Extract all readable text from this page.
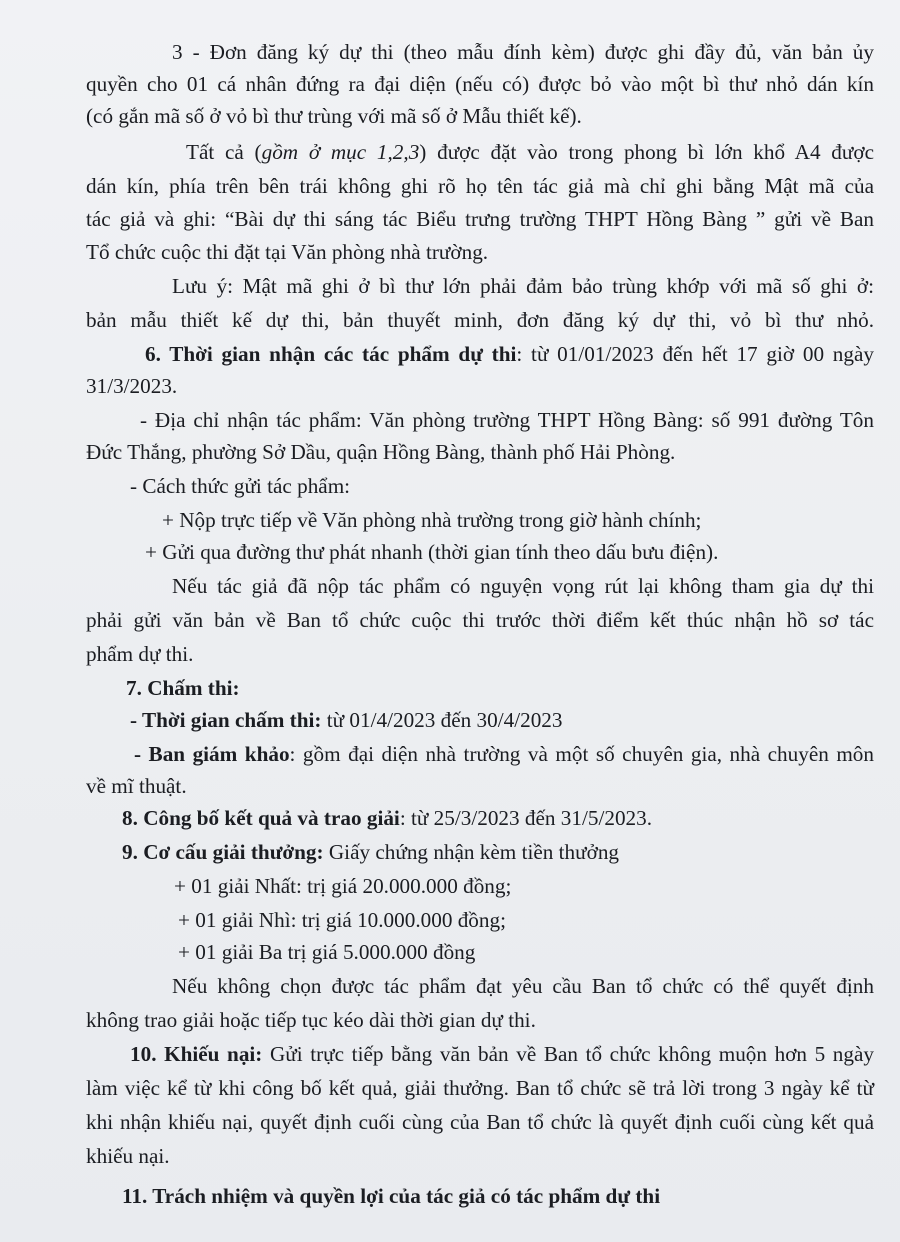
3 - Đơn đăng ký dự thi (theo mẫu đính kèm) được ghi đầy đủ, văn bản ủy
quyền cho 01 cá nhân đứng ra đại diện (nếu có) được bỏ vào một bì thư nhỏ dán kín
(có gắn mã số ở vỏ bì thư trùng với mã số ở Mẫu thiết kế).
Tất cả (gồm ở mục 1,2,3) được đặt vào trong phong bì lớn khổ A4 được
dán kín, phía trên bên trái không ghi rõ họ tên tác giả mà chỉ ghi bằng Mật mã của
tác giả và ghi: “Bài dự thi sáng tác Biểu trưng trường THPT Hồng Bàng ” gửi về Ban
Tổ chức cuộc thi đặt tại Văn phòng nhà trường.
Lưu ý: Mật mã ghi ở bì thư lớn phải đảm bảo trùng khớp với mã số ghi ở:
bản mẫu thiết kế dự thi, bản thuyết minh, đơn đăng ký dự thi, vỏ bì thư nhỏ.
6. Thời gian nhận các tác phẩm dự thi: từ 01/01/2023 đến hết 17 giờ 00 ngày
31/3/2023.
- Địa chỉ nhận tác phẩm: Văn phòng trường THPT Hồng Bàng: số 991 đường Tôn
Đức Thắng, phường Sở Dầu, quận Hồng Bàng, thành phố Hải Phòng.
- Cách thức gửi tác phẩm:
+ Nộp trực tiếp về Văn phòng nhà trường trong giờ hành chính;
+ Gửi qua đường thư phát nhanh (thời gian tính theo dấu bưu điện).
Nếu tác giả đã nộp tác phẩm có nguyện vọng rút lại không tham gia dự thi
phải gửi văn bản về Ban tổ chức cuộc thi trước thời điểm kết thúc nhận hồ sơ tác
phẩm dự thi.
7. Chấm thi:
- Thời gian chấm thi: từ 01/4/2023 đến 30/4/2023
- Ban giám khảo: gồm đại diện nhà trường và một số chuyên gia, nhà chuyên môn
về mĩ thuật.
8. Công bố kết quả và trao giải: từ 25/3/2023 đến 31/5/2023.
9. Cơ cấu giải thưởng: Giấy chứng nhận kèm tiền thưởng
+ 01 giải Nhất: trị giá 20.000.000 đồng;
+ 01 giải Nhì: trị giá 10.000.000 đồng;
+ 01 giải Ba trị giá 5.000.000 đồng
Nếu không chọn được tác phẩm đạt yêu cầu Ban tổ chức có thể quyết định
không trao giải hoặc tiếp tục kéo dài thời gian dự thi.
10. Khiếu nại: Gửi trực tiếp bằng văn bản về Ban tổ chức không muộn hơn 5 ngày
làm việc kể từ khi công bố kết quả, giải thưởng. Ban tổ chức sẽ trả lời trong 3 ngày kể từ
khi nhận khiếu nại, quyết định cuối cùng của Ban tổ chức là quyết định cuối cùng kết quả
khiếu nại.
11. Trách nhiệm và quyền lợi của tác giả có tác phẩm dự thi
